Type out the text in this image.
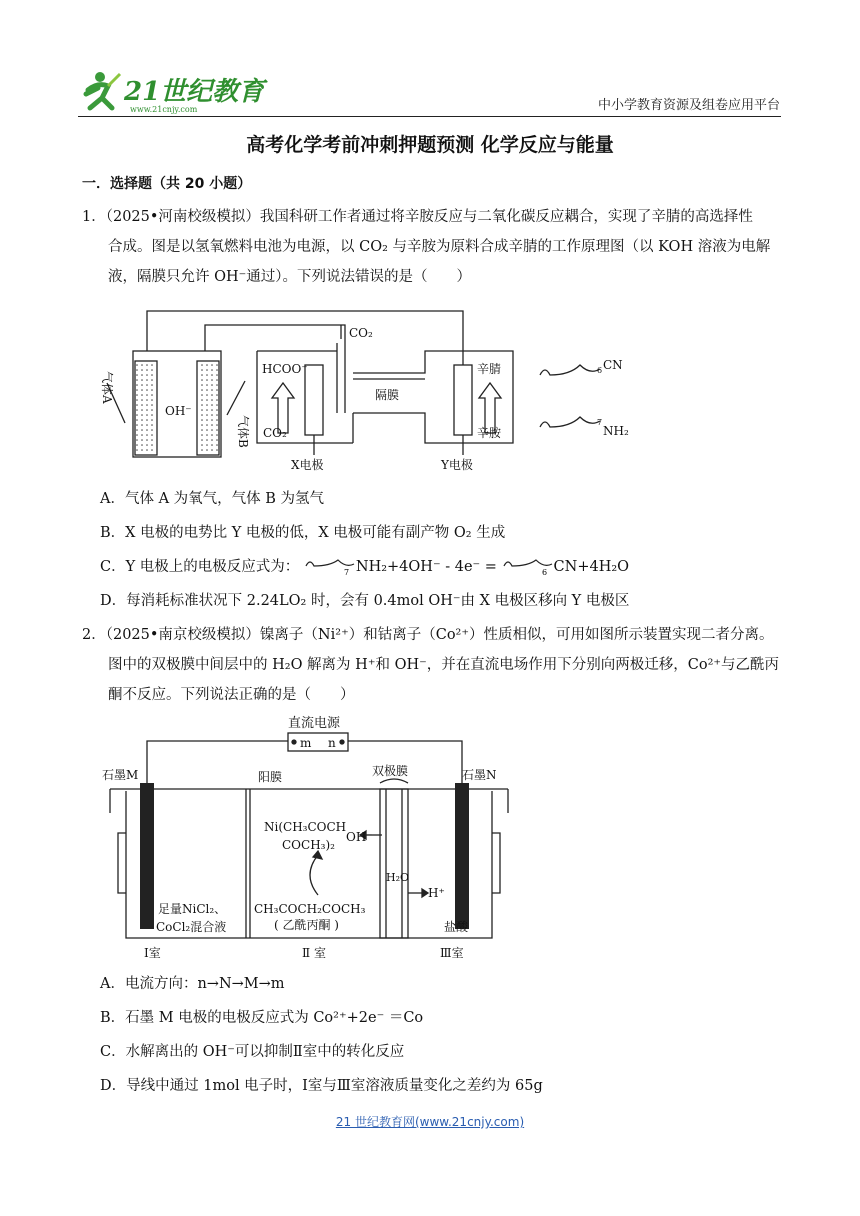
21世纪教育
www.21cnjy.com	中小学教育资源及组卷应用平台
高考化学考前冲刺押题预测 化学反应与能量
一．选择题（共 20 小题）
1．（2025•河南校级模拟）我国科研工作者通过将辛胺反应与二氧化碳反应耦合，实现了辛腈的高选择性
合成。图是以氢氧燃料电池为电源，以 CO₂ 与辛胺为原料合成辛腈的工作原理图（以 KOH 溶液为电解
液，隔膜只允许 OH⁻通过）。下列说法错误的是（　　）
气体A
气体B
OH⁻
HCOO⁻
CO₂
CO₂
隔膜
X电极	Y电极
辛腈
辛胺
CN
6
NH₂
7
A．气体 A 为氧气，气体 B 为氢气
B．X 电极的电势比 Y 电极的低，X 电极可能有副产物 O₂ 生成
C．Y 电极上的电极反应式为：	7 NH₂+4OH⁻ - 4e⁻ =	6 CN+4H₂O
D．每消耗标准状况下 2.24LO₂ 时，会有 0.4mol OH⁻由 X 电极区移向 Y 电极区
2．（2025•南京校级模拟）镍离子（Ni²⁺）和钴离子（Co²⁺）性质相似，可用如图所示装置实现二者分离。
图中的双极膜中间层中的 H₂O 解离为 H⁺和 OH⁻，并在直流电场作用下分别向两极迁移，Co²⁺与乙酰丙
酮不反应。下列说法正确的是（　　）
直流电源
m n
石墨M	石墨N
阳膜	双极膜
OH⁻
Ni(CH₃COCH
COCH₃)₂
CH₃COCH₂COCH₃
( 乙酰丙酮 )
H₂O
H⁺
足量NiCl₂、
CoCl₂混合液	盐酸
Ⅰ室	Ⅱ 室	Ⅲ室
A．电流方向：n→N→M→m
B．石墨 M 电极的电极反应式为 Co²⁺+2e⁻ ＝Co
C．水解离出的 OH⁻可以抑制Ⅱ室中的转化反应
D．导线中通过 1mol 电子时，Ⅰ室与Ⅲ室溶液质量变化之差约为 65g
21 世纪教育网(www.21cnjy.com)
